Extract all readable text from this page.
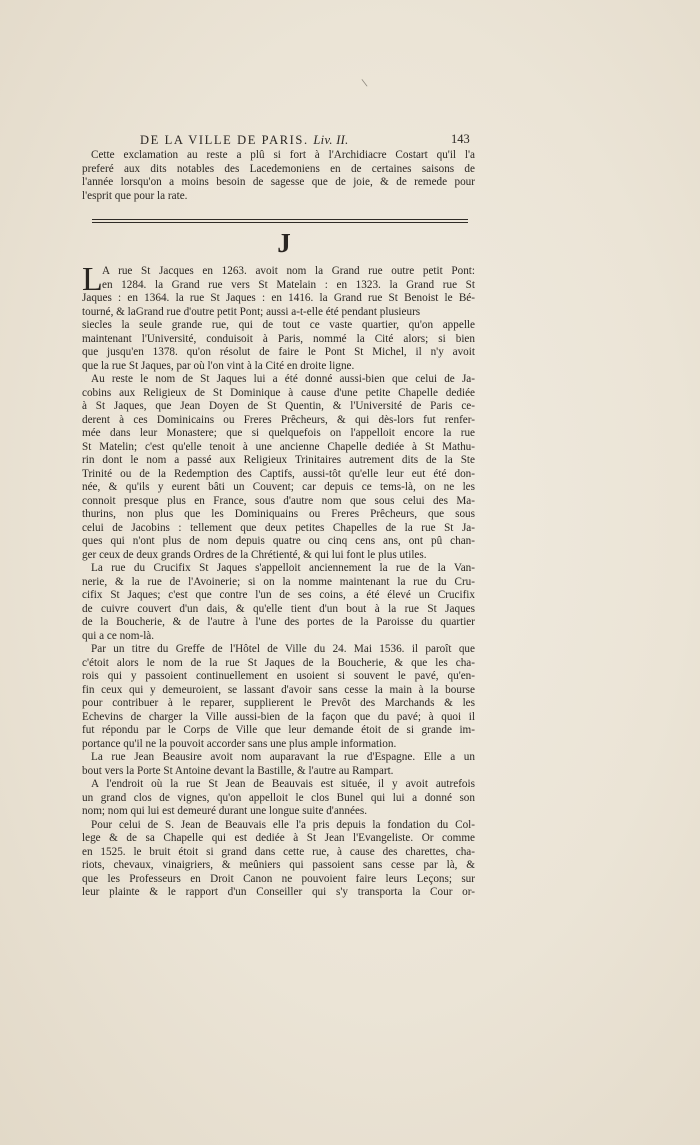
\
DE LA VILLE DE PARIS. Liv. II.	143
Cette exclamation au reste a plû si fort à l'Archidiacre Costart qu'il l'a
preferé aux dits notables des Lacedemoniens en de certaines saisons de
l'année lorsqu'on a moins besoin de sagesse que de joie, & de remede pour
l'esprit que pour la rate.
J
L A rue St Jacques en 1263. avoit nom la Grand rue outre petit Pont:
en 1284. la Grand rue vers St Matelain : en 1323. la Grand rue St
Jaques : en 1364. la rue St Jaques : en 1416. la Grand rue St Benoist le Bé-
tourné, & laGrand rue d'outre petit Pont; aussi a-t-elle été pendant plusieurs
siecles la seule grande rue, qui de tout ce vaste quartier, qu'on appelle
maintenant l'Université, conduisoit à Paris, nommé la Cité alors; si bien
que jusqu'en 1378. qu'on résolut de faire le Pont St Michel, il n'y avoit
que la rue St Jaques, par où l'on vint à la Cité en droite ligne.
Au reste le nom de St Jaques lui a été donné aussi-bien que celui de Ja-
cobins aux Religieux de St Dominique à cause d'une petite Chapelle dediée
à St Jaques, que Jean Doyen de St Quentin, & l'Université de Paris ce-
derent à ces Dominicains ou Freres Prêcheurs, & qui dès-lors fut renfer-
mée dans leur Monastere; que si quelquefois on l'appelloit encore la rue
St Matelin; c'est qu'elle tenoit à une ancienne Chapelle dediée à St Mathu-
rin dont le nom a passé aux Religieux Trinitaires autrement dits de la Ste
Trinité ou de la Redemption des Captifs, aussi-tôt qu'elle leur eut été don-
née, & qu'ils y eurent bâti un Couvent; car depuis ce tems-là, on ne les
connoit presque plus en France, sous d'autre nom que sous celui des Ma-
thurins, non plus que les Dominiquains ou Freres Prêcheurs, que sous
celui de Jacobins : tellement que deux petites Chapelles de la rue St Ja-
ques qui n'ont plus de nom depuis quatre ou cinq cens ans, ont pû chan-
ger ceux de deux grands Ordres de la Chrétienté, & qui lui font le plus utiles.
La rue du Crucifix St Jaques s'appelloit anciennement la rue de la Van-
nerie, & la rue de l'Avoinerie; si on la nomme maintenant la rue du Cru-
cifix St Jaques; c'est que contre l'un de ses coins, a été élevé un Crucifix
de cuivre couvert d'un dais, & qu'elle tient d'un bout à la rue St Jaques
de la Boucherie, & de l'autre à l'une des portes de la Paroisse du quartier
qui a ce nom-là.
Par un titre du Greffe de l'Hôtel de Ville du 24. Mai 1536. il paroît que
c'étoit alors le nom de la rue St Jaques de la Boucherie, & que les cha-
rois qui y passoient continuellement en usoient si souvent le pavé, qu'en-
fin ceux qui y demeuroient, se lassant d'avoir sans cesse la main à la bourse
pour contribuer à le reparer, supplierent le Prevôt des Marchands & les
Echevins de charger la Ville aussi-bien de la façon que du pavé; à quoi il
fut répondu par le Corps de Ville que leur demande étoit de si grande im-
portance qu'il ne la pouvoit accorder sans une plus ample information.
La rue Jean Beausire avoit nom auparavant la rue d'Espagne. Elle a un
bout vers la Porte St Antoine devant la Bastille, & l'autre au Rampart.
A l'endroit où la rue St Jean de Beauvais est située, il y avoit autrefois
un grand clos de vignes, qu'on appelloit le clos Bunel qui lui a donné son
nom; nom qui lui est demeuré durant une longue suite d'années.
Pour celui de S. Jean de Beauvais elle l'a pris depuis la fondation du Col-
lege & de sa Chapelle qui est dediée à St Jean l'Evangeliste. Or comme
en 1525. le bruit étoit si grand dans cette rue, à cause des charettes, cha-
riots, chevaux, vinaigriers, & meûniers qui passoient sans cesse par là, &
que les Professeurs en Droit Canon ne pouvoient faire leurs Leçons; sur
leur plainte & le rapport d'un Conseiller qui s'y transporta la Cour or-
